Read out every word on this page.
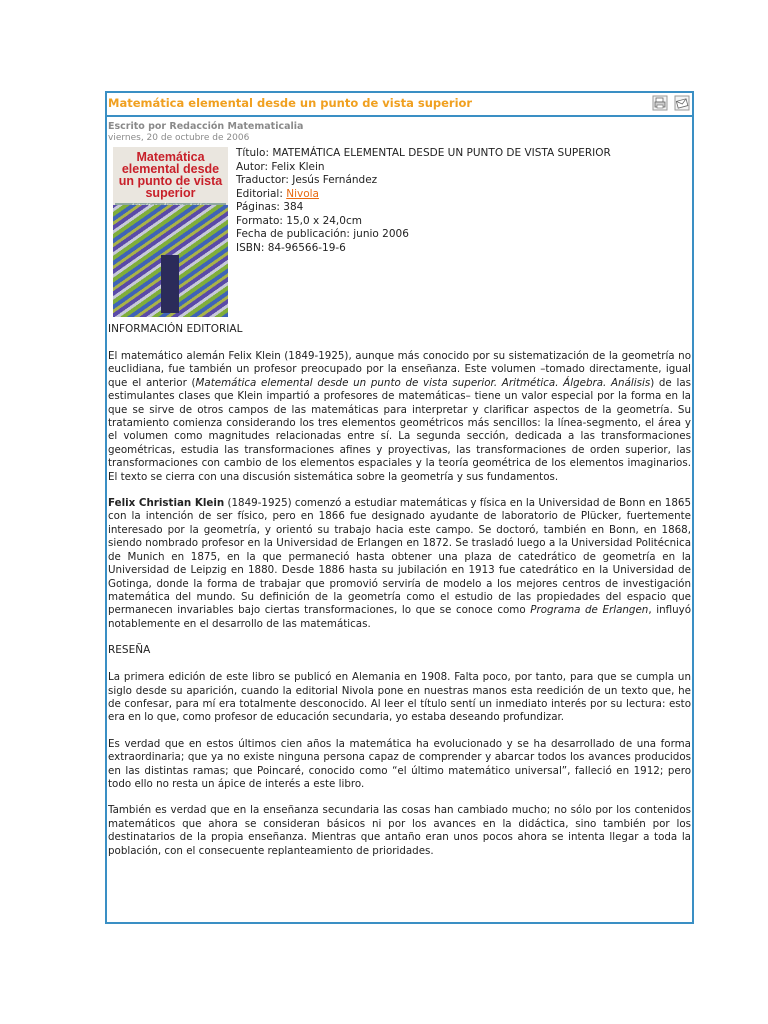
Matemática elemental desde un punto de vista superior
Escrito por Redacción Matematicalia
viernes, 20 de octubre de 2006
Matemática elemental desde un punto de vista superior
Título: MATEMÁTICA ELEMENTAL DESDE UN PUNTO DE VISTA SUPERIOR
Autor: Felix Klein
Traductor: Jesús Fernández
Editorial: Nivola
Páginas: 384
Formato: 15,0 x 24,0cm
Fecha de publicación: junio 2006
ISBN: 84-96566-19-6

INFORMACIÓN EDITORIAL

El matemático alemán Felix Klein (1849-1925), aunque más conocido por su sistematización de la geometría no euclidiana, fue también un profesor preocupado por la enseñanza. Este volumen –tomado directamente, igual que el anterior (Matemática elemental desde un punto de vista superior. Aritmética. Álgebra. Análisis) de las estimulantes clases que Klein impartió a profesores de matemáticas– tiene un valor especial por la forma en la que se sirve de otros campos de las matemáticas para interpretar y clarificar aspectos de la geometría. Su tratamiento comienza considerando los tres elementos geométricos más sencillos: la línea-segmento, el área y el volumen como magnitudes relacionadas entre sí. La segunda sección, dedicada a las transformaciones geométricas, estudia las transformaciones afines y proyectivas, las transformaciones de orden superior, las transformaciones con cambio de los elementos espaciales y la teoría geométrica de los elementos imaginarios. El texto se cierra con una discusión sistemática sobre la geometría y sus fundamentos.

Felix Christian Klein (1849-1925) comenzó a estudiar matemáticas y física en la Universidad de Bonn en 1865 con la intención de ser físico, pero en 1866 fue designado ayudante de laboratorio de Plücker, fuertemente interesado por la geometría, y orientó su trabajo hacia este campo. Se doctoró, también en Bonn, en 1868, siendo nombrado profesor en la Universidad de Erlangen en 1872. Se trasladó luego a la Universidad Politécnica de Munich en 1875, en la que permaneció hasta obtener una plaza de catedrático de geometría en la Universidad de Leipzig en 1880. Desde 1886 hasta su jubilación en 1913 fue catedrático en la Universidad de Gotinga, donde la forma de trabajar que promovió serviría de modelo a los mejores centros de investigación matemática del mundo. Su definición de la geometría como el estudio de las propiedades del espacio que permanecen invariables bajo ciertas transformaciones, lo que se conoce como Programa de Erlangen, influyó notablemente en el desarrollo de las matemáticas.

RESEÑA

La primera edición de este libro se publicó en Alemania en 1908. Falta poco, por tanto, para que se cumpla un siglo desde su aparición, cuando la editorial Nivola pone en nuestras manos esta reedición de un texto que, he de confesar, para mí era totalmente desconocido. Al leer el título sentí un inmediato interés por su lectura: esto era en lo que, como profesor de educación secundaria, yo estaba deseando profundizar.

Es verdad que en estos últimos cien años la matemática ha evolucionado y se ha desarrollado de una forma extraordinaria; que ya no existe ninguna persona capaz de comprender y abarcar todos los avances producidos en las distintas ramas; que Poincaré, conocido como “el último matemático universal”, falleció en 1912; pero todo ello no resta un ápice de interés a este libro.

También es verdad que en la enseñanza secundaria las cosas han cambiado mucho; no sólo por los contenidos matemáticos que ahora se consideran básicos ni por los avances en la didáctica, sino también por los destinatarios de la propia enseñanza. Mientras que antaño eran unos pocos ahora se intenta llegar a toda la población, con el consecuente replanteamiento de prioridades.
